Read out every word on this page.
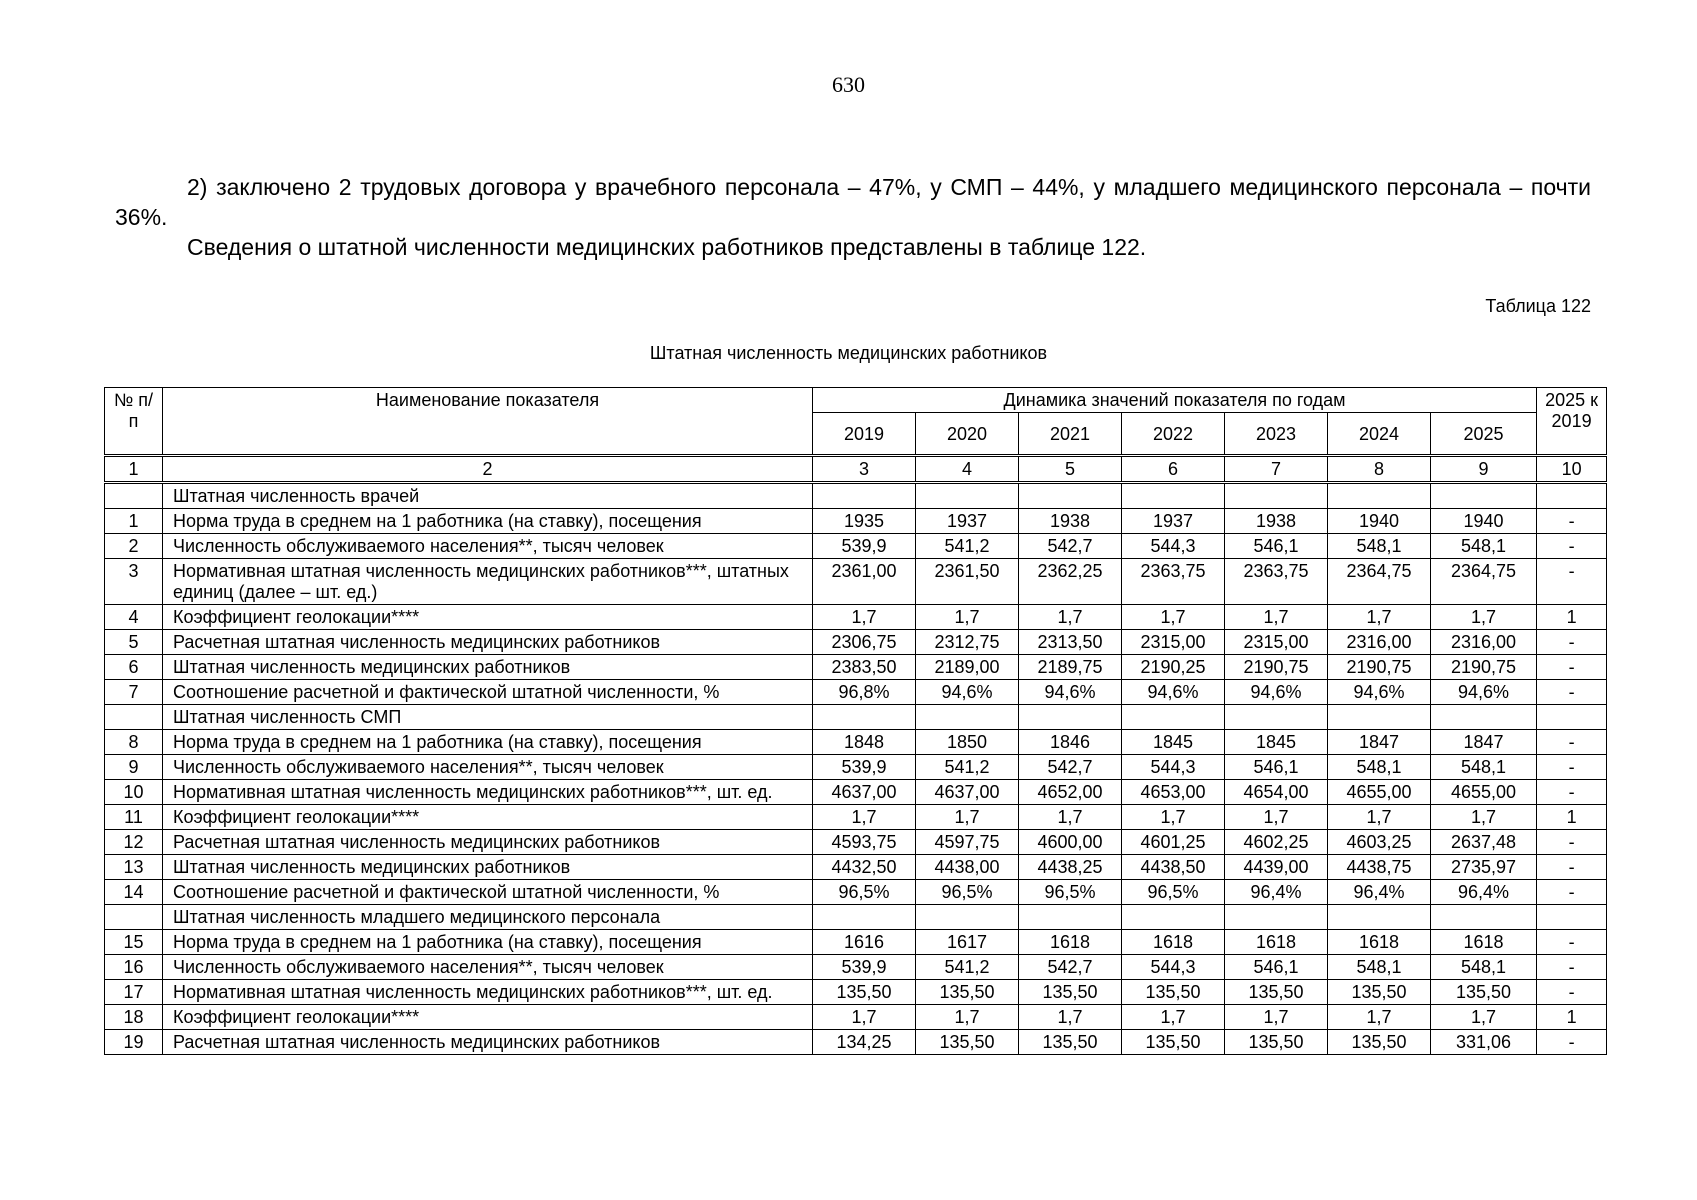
630

2) заключено 2 трудовых договора у врачебного персонала – 47%, у СМП – 44%, у младшего медицинского персонала – почти 36%.

Сведения о штатной численности медицинских работников представлены в таблице 122.

Таблица 122
Штатная численность медицинских работников
№ п/п	Наименование показателя	Динамика значений показателя по годам							2025 к 2019
		2019	2020	2021	2022	2023	2024	2025	
1	2	3	4	5	6	7	8	9	10
	Штатная численность врачей								
1	Норма труда в среднем на 1 работника (на ставку), посещения	1935	1937	1938	1937	1938	1940	1940	-
2	Численность обслуживаемого населения**, тысяч человек	539,9	541,2	542,7	544,3	546,1	548,1	548,1	-
3	Нормативная штатная численность медицинских работников***, штатных единиц (далее – шт. ед.)	2361,00	2361,50	2362,25	2363,75	2363,75	2364,75	2364,75	-
4	Коэффициент геолокации****	1,7	1,7	1,7	1,7	1,7	1,7	1,7	1
5	Расчетная штатная численность медицинских работников	2306,75	2312,75	2313,50	2315,00	2315,00	2316,00	2316,00	-
6	Штатная численность медицинских работников	2383,50	2189,00	2189,75	2190,25	2190,75	2190,75	2190,75	-
7	Соотношение расчетной и фактической штатной численности, %	96,8%	94,6%	94,6%	94,6%	94,6%	94,6%	94,6%	-
	Штатная численность СМП								
8	Норма труда в среднем на 1 работника (на ставку), посещения	1848	1850	1846	1845	1845	1847	1847	-
9	Численность обслуживаемого населения**, тысяч человек	539,9	541,2	542,7	544,3	546,1	548,1	548,1	-
10	Нормативная штатная численность медицинских работников***, шт. ед.	4637,00	4637,00	4652,00	4653,00	4654,00	4655,00	4655,00	-
11	Коэффициент геолокации****	1,7	1,7	1,7	1,7	1,7	1,7	1,7	1
12	Расчетная штатная численность медицинских работников	4593,75	4597,75	4600,00	4601,25	4602,25	4603,25	2637,48	-
13	Штатная численность медицинских работников	4432,50	4438,00	4438,25	4438,50	4439,00	4438,75	2735,97	-
14	Соотношение расчетной и фактической штатной численности, %	96,5%	96,5%	96,5%	96,5%	96,4%	96,4%	96,4%	-
	Штатная численность младшего медицинского персонала								
15	Норма труда в среднем на 1 работника (на ставку), посещения	1616	1617	1618	1618	1618	1618	1618	-
16	Численность обслуживаемого населения**, тысяч человек	539,9	541,2	542,7	544,3	546,1	548,1	548,1	-
17	Нормативная штатная численность медицинских работников***, шт. ед.	135,50	135,50	135,50	135,50	135,50	135,50	135,50	-
18	Коэффициент геолокации****	1,7	1,7	1,7	1,7	1,7	1,7	1,7	1
19	Расчетная штатная численность медицинских работников	134,25	135,50	135,50	135,50	135,50	135,50	331,06	-
